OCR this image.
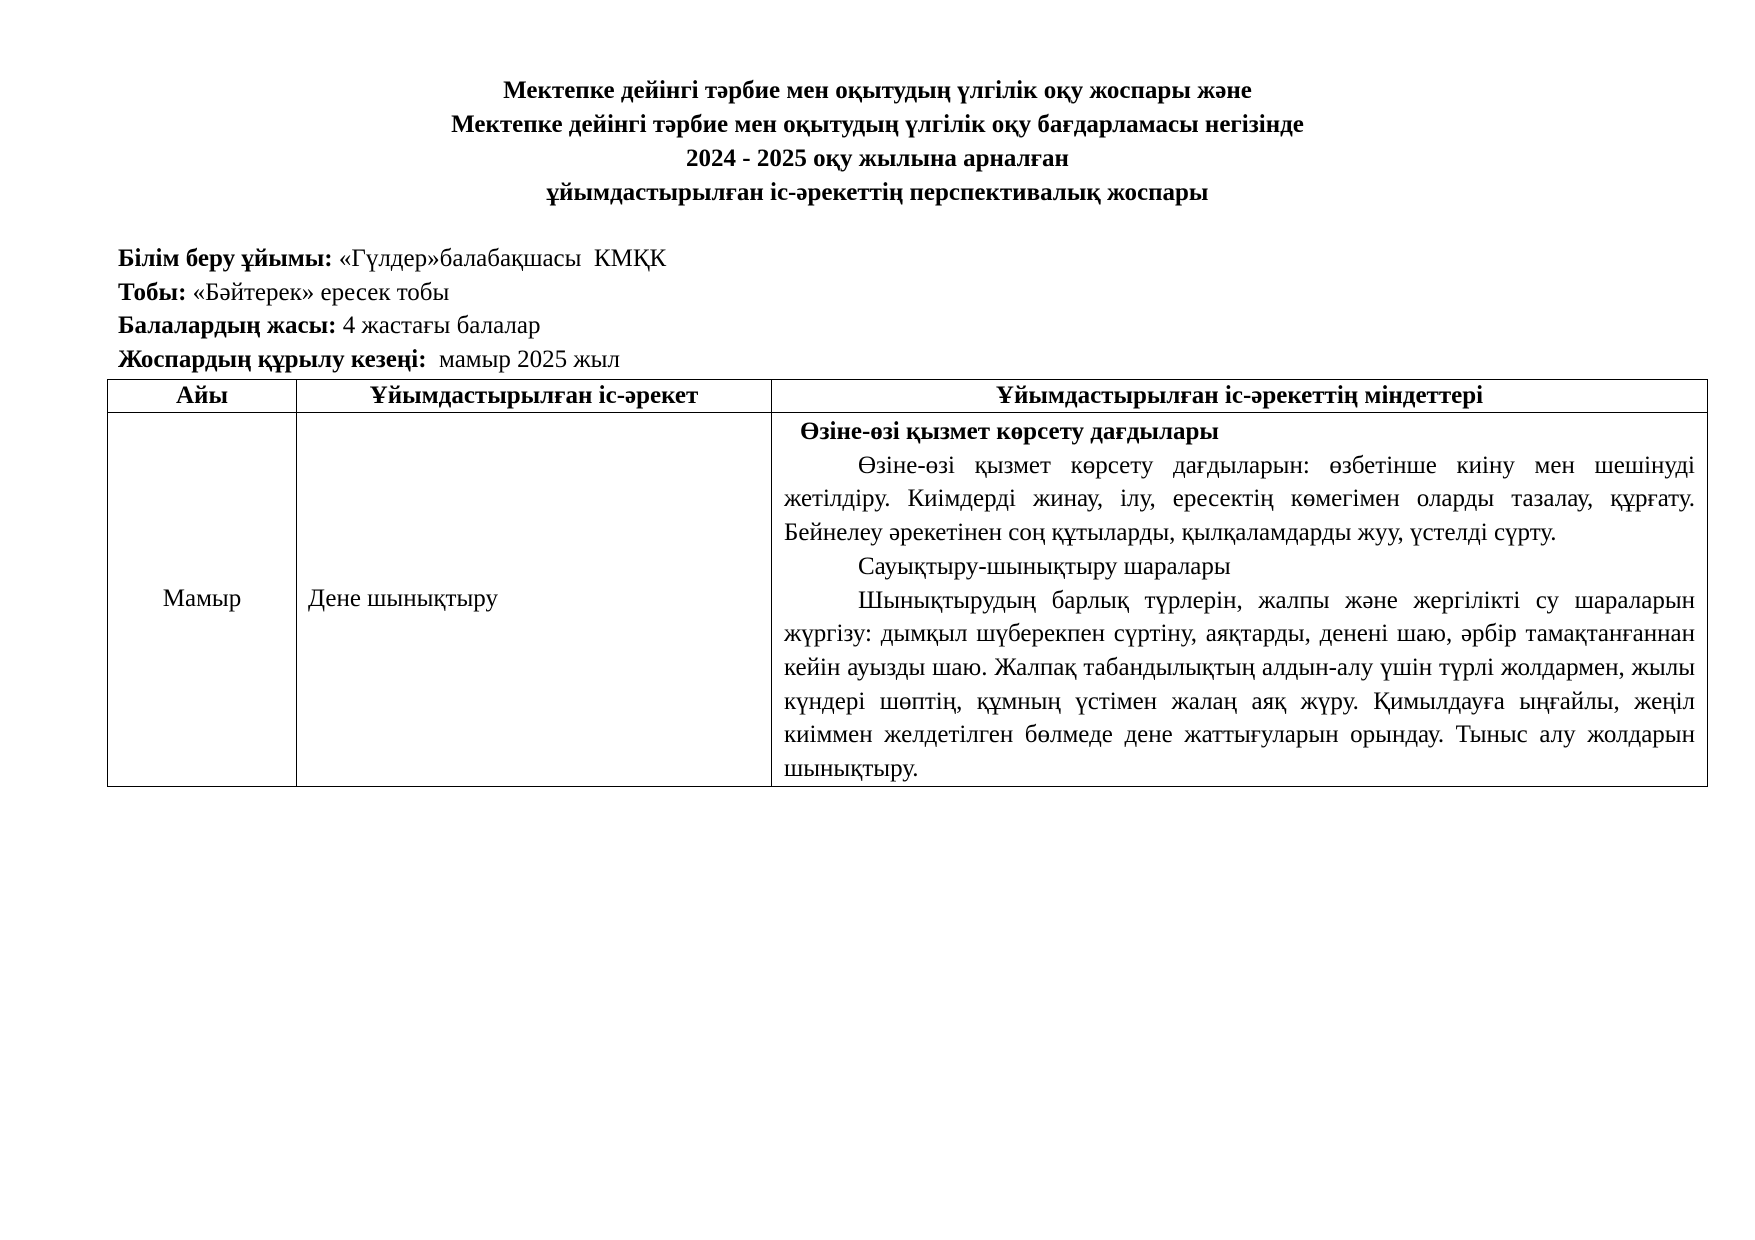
Мектепке дейінгі тәрбие мен оқытудың үлгілік оқу жоспары және
Мектепке дейінгі тәрбие мен оқытудың үлгілік оқу бағдарламасы негізінде
2024 - 2025 оқу жылына арналған
ұйымдастырылған іс-әрекеттің перспективалық жоспары
Білім беру ұйымы: «Гүлдер»балабақшасы  КМҚК
Тобы: «Бәйтерек» ересек тобы
Балалардың жасы: 4 жастағы балалар
Жоспардың құрылу кезеңі:  мамыр 2025 жыл
Айы	Ұйымдастырылған іс-әрекет	Ұйымдастырылған іс-әрекеттің міндеттері
Мамыр	Дене шынықтыру	Өзіне-өзі қызмет көрсету дағдылары

Өзіне-өзі қызмет көрсету дағдыларын: өзбетінше киіну мен шешінуді жетілдіру. Киімдерді жинау, ілу, ересектің көмегімен оларды тазалау, құрғату. Бейнелеу әрекетінен соң құтыларды, қылқаламдарды жуу, үстелді сүрту.

Сауықтыру-шынықтыру шаралары

Шынықтырудың барлық түрлерін, жалпы және жергілікті су шараларын жүргізу: дымқыл шүберекпен сүртіну, аяқтарды, денені шаю, әрбір тамақтанғаннан кейін ауызды шаю. Жалпақ табандылықтың алдын-алу үшін түрлі жолдармен, жылы күндері шөптің, құмның үстімен жалаң аяқ жүру. Қимылдауға ыңғайлы, жеңіл киіммен желдетілген бөлмеде дене жаттығуларын орындау. Тыныс алу жолдарын шынықтыру.
